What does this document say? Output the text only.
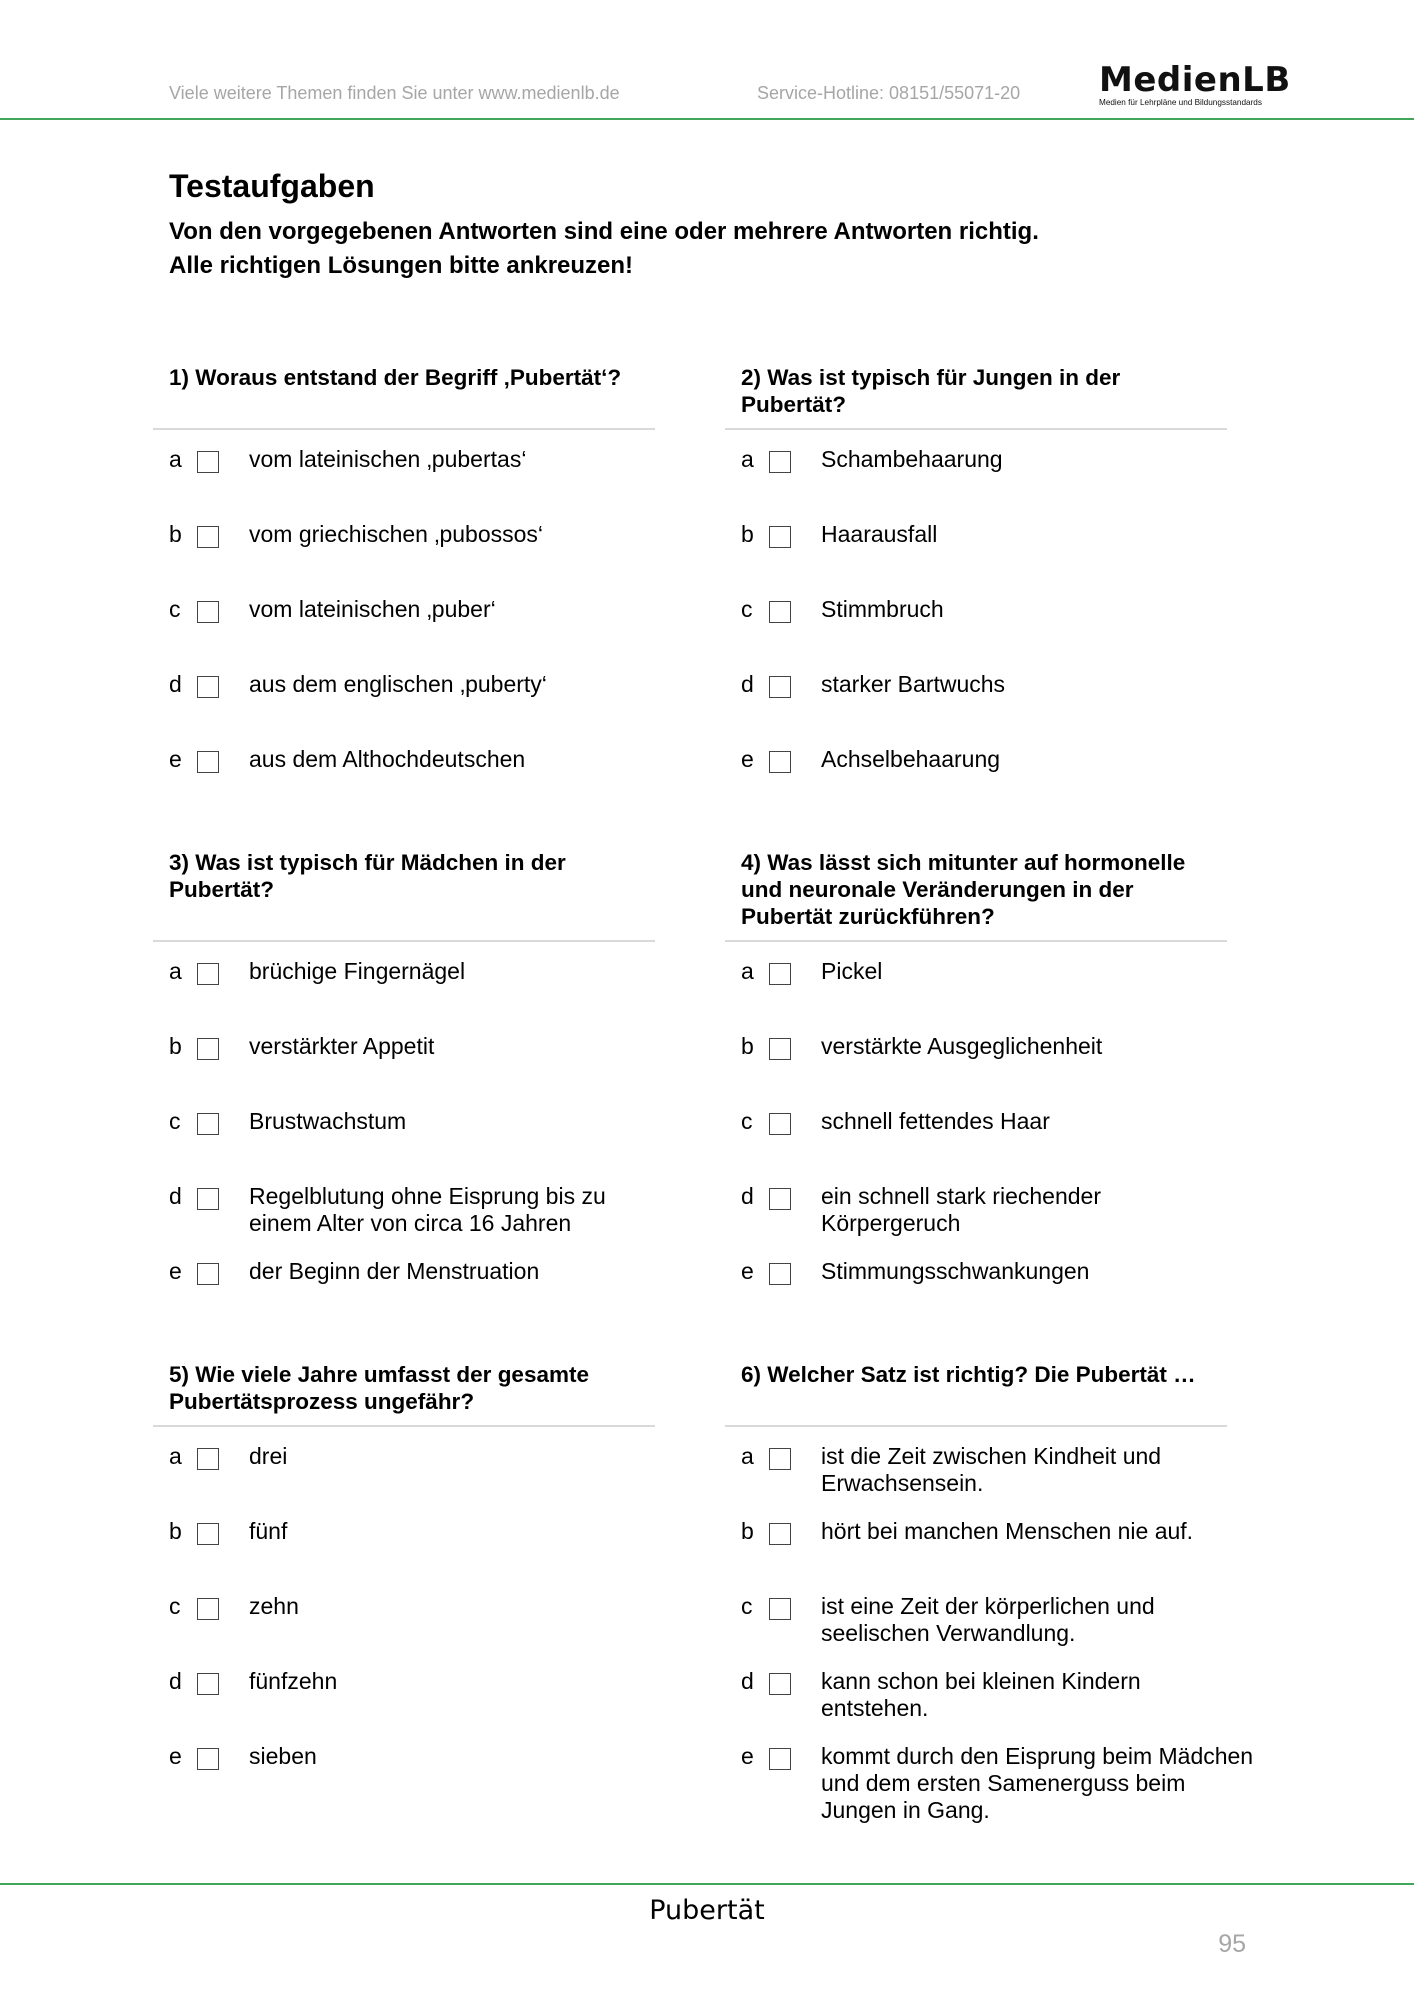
Viele weitere Themen finden Sie unter www.medienlb.de	Service-Hotline: 08151/55071-20 MedienLB
Medien für Lehrpläne und Bildungsstandards
Testaufgaben
Von den vorgegebenen Antworten sind eine oder mehrere Antworten richtig.
Alle richtigen Lösungen bitte ankreuzen!
1) Woraus entstand der Begriff ‚Pubertät‘?
a	vom lateinischen ‚pubertas‘
b	vom griechischen ‚pubossos‘
c	vom lateinischen ‚puber‘
d	aus dem englischen ‚puberty‘
e	aus dem Althochdeutschen
2) Was ist typisch für Jungen in der Pubertät?
a	Schambehaarung
b	Haarausfall
c	Stimmbruch
d	starker Bartwuchs
e	Achselbehaarung
3) Was ist typisch für Mädchen in der Pubertät?
a	brüchige Fingernägel
b	verstärkter Appetit
c	Brustwachstum
d	Regelblutung ohne Eisprung bis zu einem Alter von circa 16 Jahren
e	der Beginn der Menstruation
4) Was lässt sich mitunter auf hormonelle und neuronale Veränderungen in der Pubertät zurückführen?
a	Pickel
b	verstärkte Ausgeglichenheit
c	schnell fettendes Haar
d	ein schnell stark riechender Körpergeruch
e	Stimmungsschwankungen
5) Wie viele Jahre umfasst der gesamte Pubertätsprozess ungefähr?
a	drei
b	fünf
c	zehn
d	fünfzehn
e	sieben
6) Welcher Satz ist richtig? Die Pubertät …
a	ist die Zeit zwischen Kindheit und Erwachsensein.
b	hört bei manchen Menschen nie auf.
c	ist eine Zeit der körperlichen und seelischen Verwandlung.
d	kann schon bei kleinen Kindern entstehen.
e	kommt durch den Eisprung beim Mädchen und dem ersten Samenerguss beim Jungen in Gang.
Pubertät
95
